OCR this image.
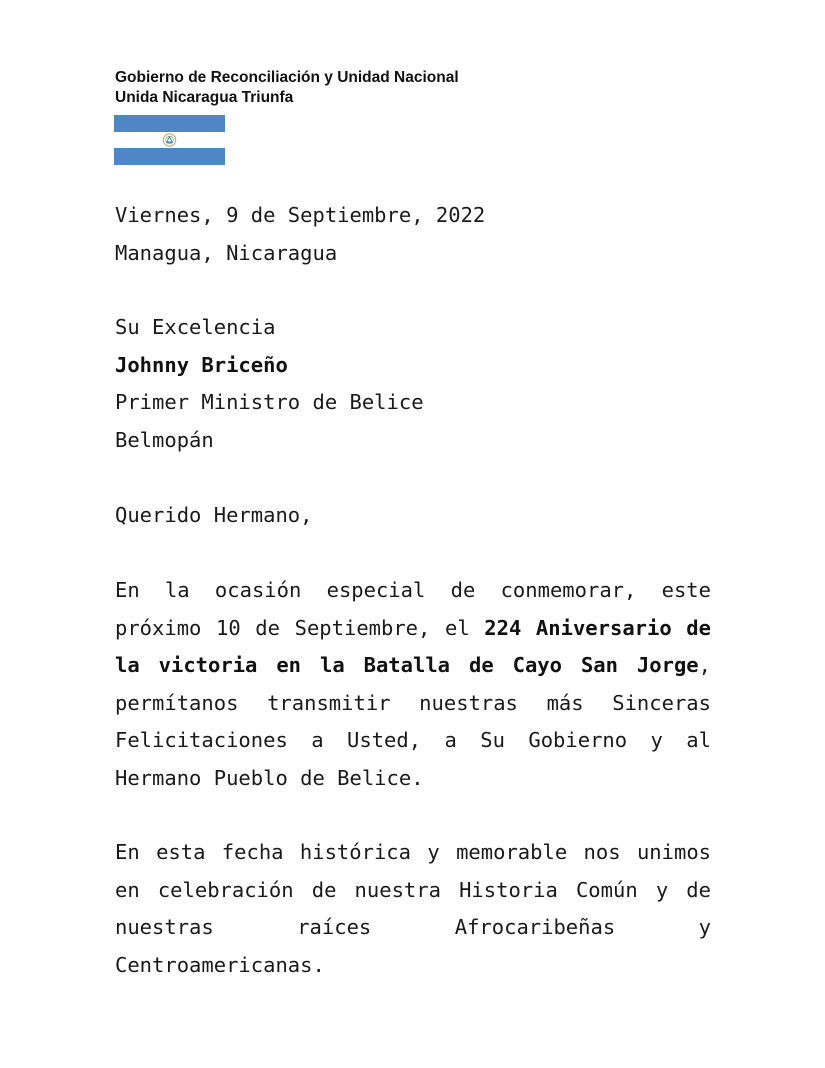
Gobierno de Reconciliación y Unidad Nacional
Unida Nicaragua Triunfa
Viernes, 9 de Septiembre, 2022
Managua, Nicaragua
Su Excelencia
Johnny Briceño
Primer Ministro de Belice
Belmopán
Querido Hermano,
En la ocasión especial de conmemorar, este próximo 10 de Septiembre, el 224 Aniversario de la victoria en la Batalla de Cayo San Jorge, permítanos transmitir nuestras más Sinceras Felicitaciones a Usted, a Su Gobierno y al Hermano Pueblo de Belice.
En esta fecha histórica y memorable nos unimos en celebración de nuestra Historia Común y de nuestras raíces Afrocaribeñas y Centroamericanas.
